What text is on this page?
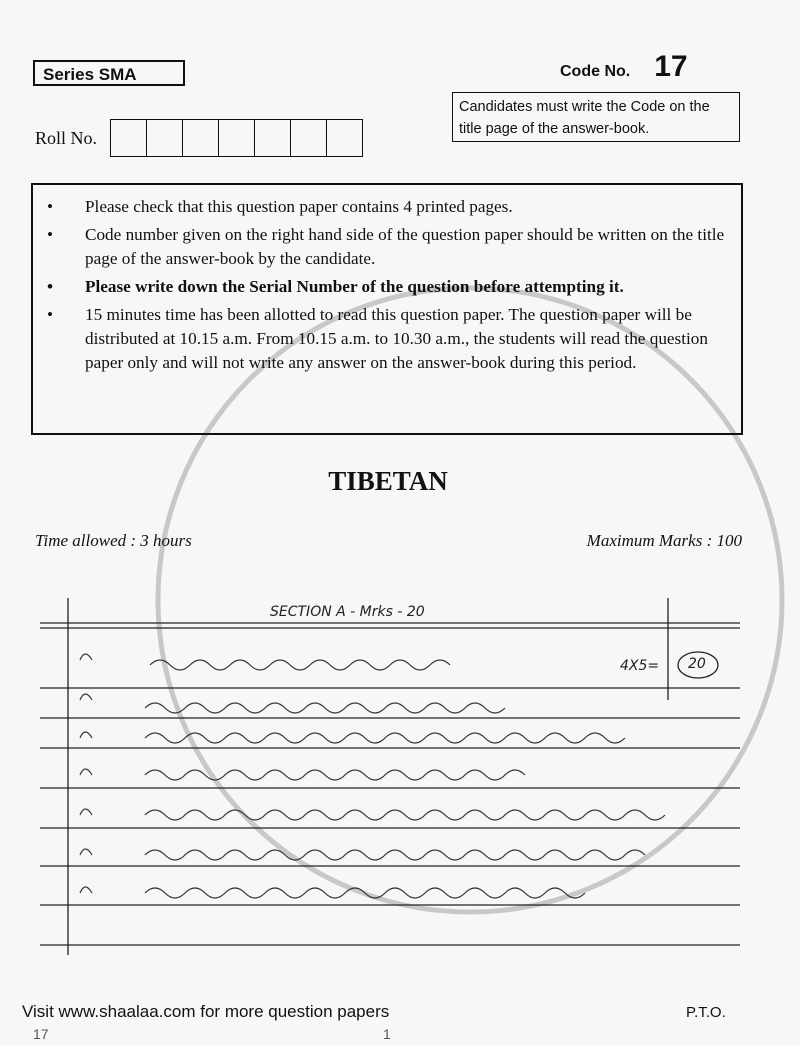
Series SMA	Code No. 17
Candidates must write the Code on the title page of the answer-book.
Roll No.
•	Please check that this question paper contains 4 printed pages.
•	Code number given on the right hand side of the question paper should be written on the title page of the answer-book by the candidate.
•	Please write down the Serial Number of the question before attempting it.
•	15 minutes time has been allotted to read this question paper. The question paper will be distributed at 10.15 a.m. From 10.15 a.m. to 10.30 a.m., the students will read the question paper only and will not write any answer on the answer-book during this period.
TIBETAN
Time allowed : 3 hours	Maximum Marks : 100
SECTION A - Mrks - 20
4X5= 20
Visit www.shaalaa.com for more question papers	P.T.O.
17	1
